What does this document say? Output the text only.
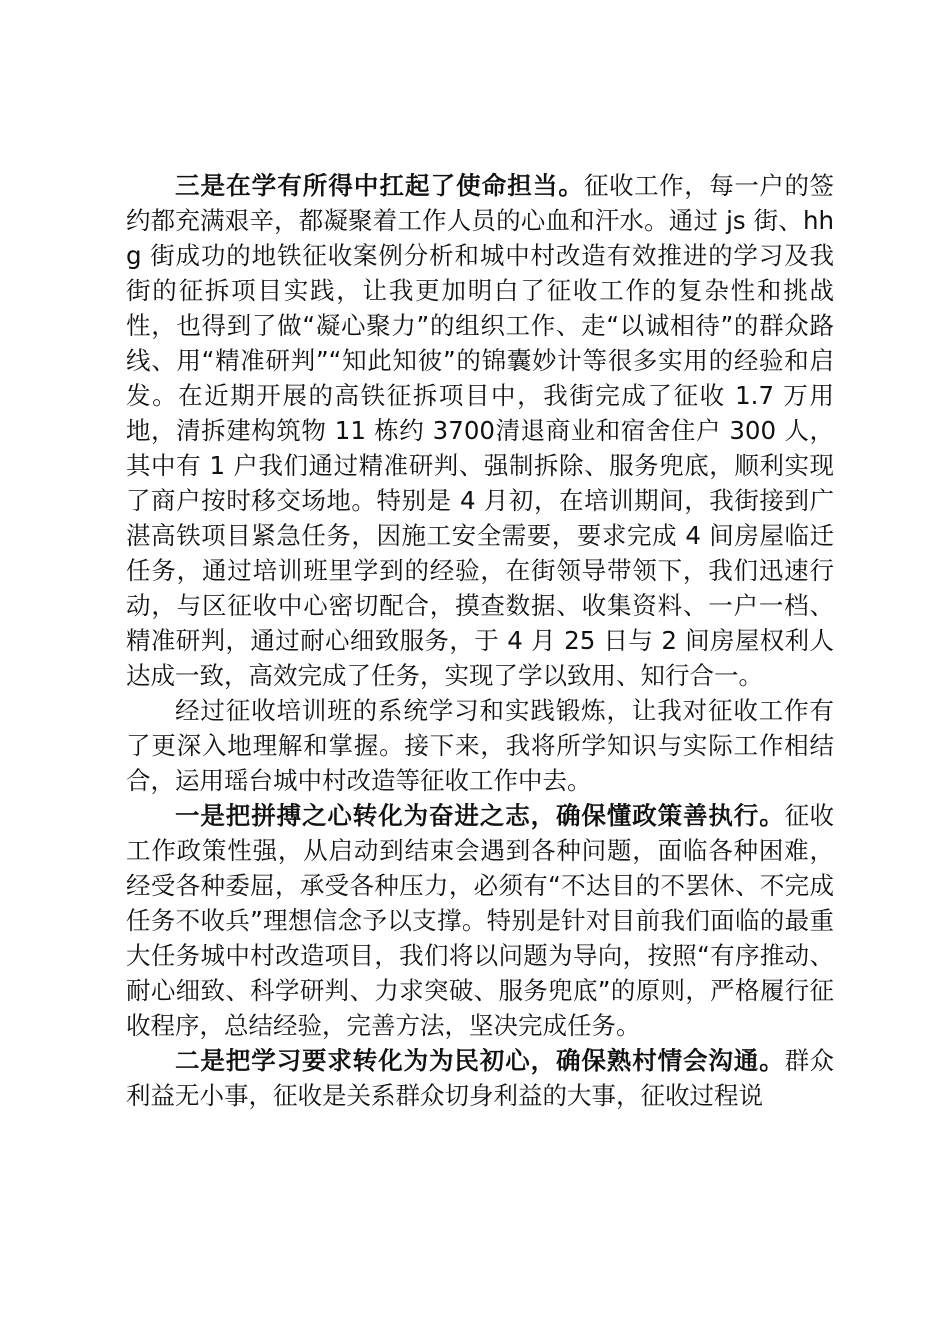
三是在学有所得中扛起了使命担当。征收工作，每一户的签约都充满艰辛，都凝聚着工作人员的心血和汗水。通过 js 街、hhg 街成功的地铁征收案例分析和城中村改造有效推进的学习及我街的征拆项目实践，让我更加明白了征收工作的复杂性和挑战性，也得到了做“凝心聚力”的组织工作、走“以诚相待”的群众路线、用“精准研判”“知此知彼”的锦囊妙计等很多实用的经验和启发。在近期开展的高铁征拆项目中，我街完成了征收 1.7 万用地，清拆建构筑物 11 栋约 3700清退商业和宿舍住户 300 人，其中有 1 户我们通过精准研判、强制拆除、服务兜底，顺利实现了商户按时移交场地。特别是 4 月初，在培训期间，我街接到广湛高铁项目紧急任务，因施工安全需要，要求完成 4 间房屋临迁任务，通过培训班里学到的经验，在街领导带领下，我们迅速行动，与区征收中心密切配合，摸查数据、收集资料、一户一档、精准研判，通过耐心细致服务，于 4 月 25 日与 2 间房屋权利人达成一致，高效完成了任务，实现了学以致用、知行合一。

经过征收培训班的系统学习和实践锻炼，让我对征收工作有了更深入地理解和掌握。接下来，我将所学知识与实际工作相结合，运用瑶台城中村改造等征收工作中去。

一是把拼搏之心转化为奋进之志，确保懂政策善执行。征收工作政策性强，从启动到结束会遇到各种问题，面临各种困难，经受各种委屈，承受各种压力，必须有“不达目的不罢休、不完成任务不收兵”理想信念予以支撑。特别是针对目前我们面临的最重大任务城中村改造项目，我们将以问题为导向，按照“有序推动、耐心细致、科学研判、力求突破、服务兜底”的原则，严格履行征收程序，总结经验，完善方法，坚决完成任务。

二是把学习要求转化为为民初心，确保熟村情会沟通。群众利益无小事，征收是关系群众切身利益的大事，征收过程说
